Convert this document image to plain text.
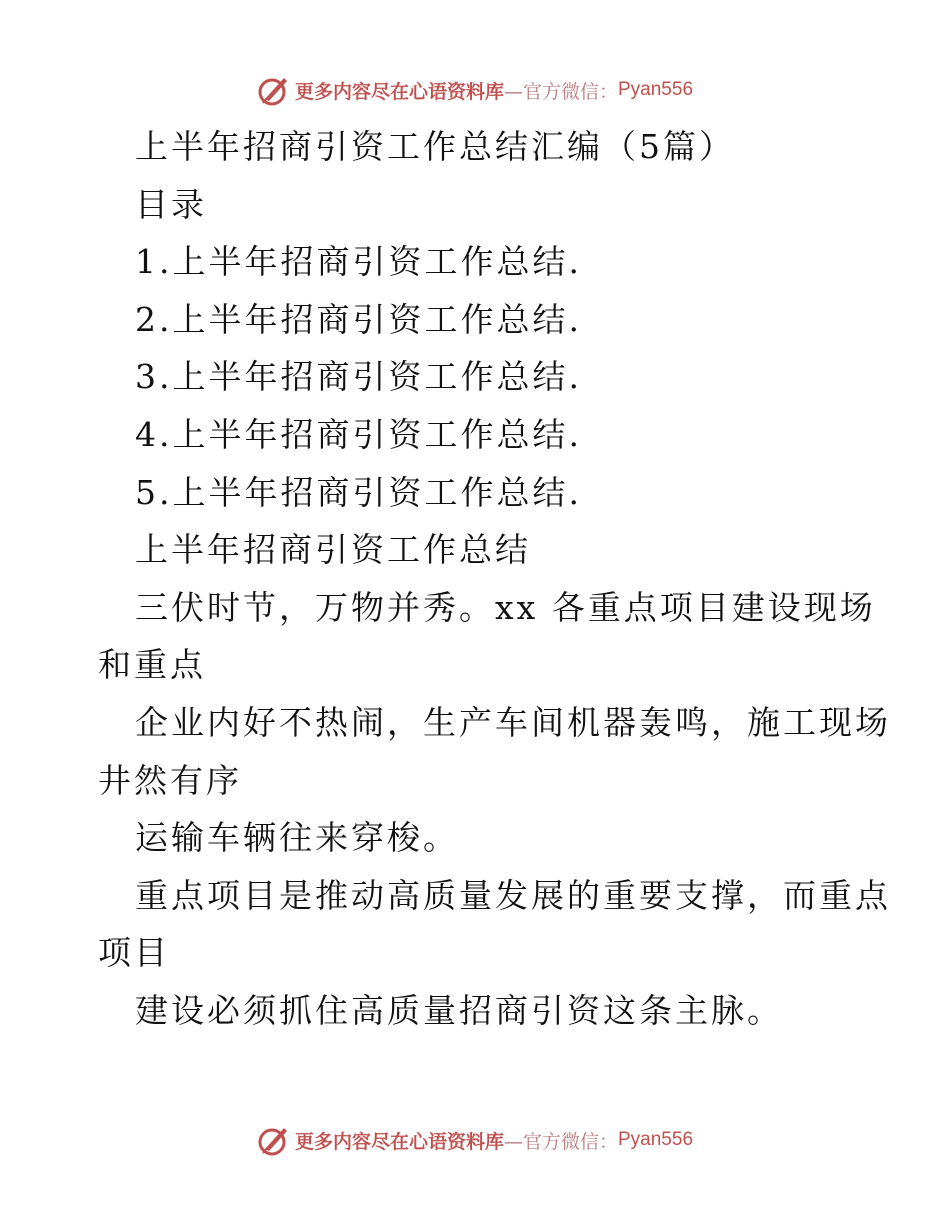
更多内容尽在心语资料库 —官方微信： Pyan556
上半年招商引资工作总结汇编（5篇）
目录
1.上半年招商引资工作总结.
2.上半年招商引资工作总结.
3.上半年招商引资工作总结.
4.上半年招商引资工作总结.
5.上半年招商引资工作总结.
上半年招商引资工作总结
三伏时节，万物并秀。xx 各重点项目建设现场
和重点
企业内好不热闹，生产车间机器轰鸣，施工现场
井然有序
运输车辆往来穿梭。
重点项目是推动高质量发展的重要支撑，而重点
项目
建设必须抓住高质量招商引资这条主脉。
更多内容尽在心语资料库 —官方微信： Pyan556
